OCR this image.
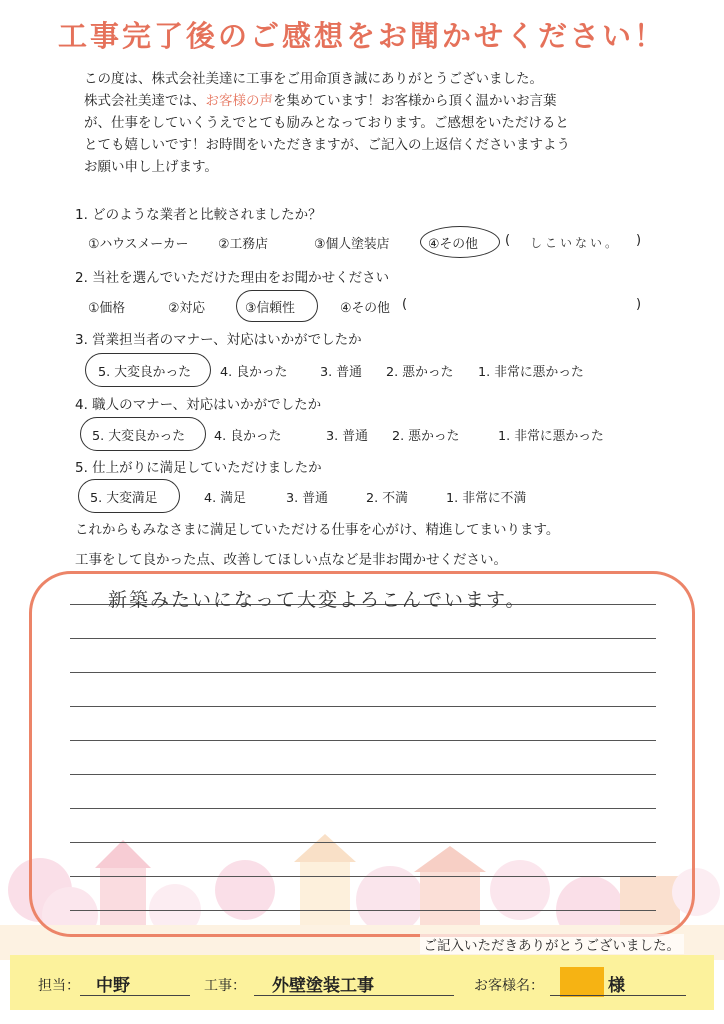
工事完了後のご感想をお聞かせください！

この度は、株式会社美達に工事をご用命頂き誠にありがとうございました。

株式会社美達では、お客様の声を集めています！お客様から頂く温かいお言葉

が、仕事をしていくうえでとても励みとなっております。ご感想をいただけると

とても嬉しいです！お時間をいただきますが、ご記入の上返信くださいますよう

お願い申し上げます。

1. どのような業者と比較されましたか？
①ハウスメーカー ②工務店	③個人塗装店	④その他 ( しこいない。 )
2. 当社を選んでいただけた理由をお聞かせください
①価格	②対応	③信頼性	④その他 (	)
3. 営業担当者のマナー、対応はいかがでしたか
5. 大変良かった 4. 良かった	3. 普通 2. 悪かった 1. 非常に悪かった
4. 職人のマナー、対応はいかがでしたか
5. 大変良かった 4. 良かった	3. 普通 2. 悪かった	1. 非常に悪かった
5. 仕上がりに満足していただけましたか
5. 大変満足	4. 満足	3. 普通	2. 不満	1. 非常に不満
これからもみなさまに満足していただける仕事を心がけ、精進してまいります。
工事をして良かった点、改善してほしい点など是非お聞かせください。
新築みたいになって大変よろこんでいます。
ご記入いただきありがとうございました。
担当： 中野	工事： 外壁塗装工事	お客様名：	様
